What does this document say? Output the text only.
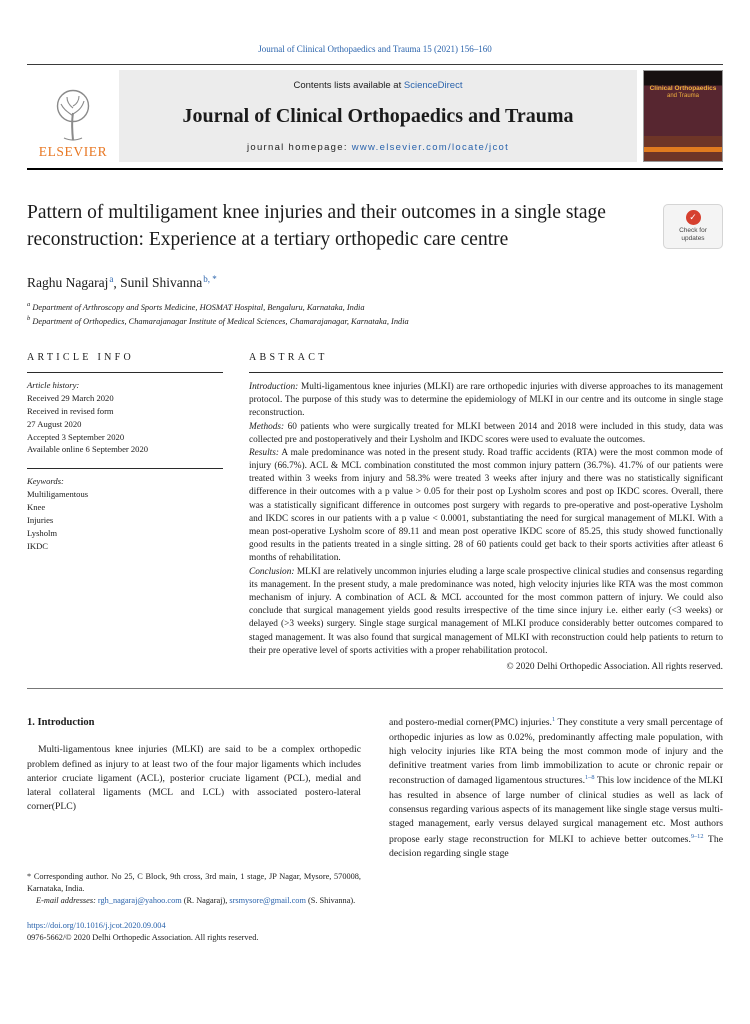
Journal of Clinical Orthopaedics and Trauma 15 (2021) 156–160
ELSEVIER
Contents lists available at ScienceDirect
Journal of Clinical Orthopaedics and Trauma
journal homepage: www.elsevier.com/locate/jcot
Clinical Orthopaedics
and Trauma
Pattern of multiligament knee injuries and their outcomes in a single stage reconstruction: Experience at a tertiary orthopedic care centre
✓
Check for updates
Raghu Nagaraj$^a$, Sunil Shivanna$^{b, *}$
$^a$ Department of Arthroscopy and Sports Medicine, HOSMAT Hospital, Bengaluru, Karnataka, India
$^b$ Department of Orthopedics, Chamarajanagar Institute of Medical Sciences, Chamarajanagar, Karnataka, India
ARTICLE INFO
Article history:
Received 29 March 2020
Received in revised form
27 August 2020
Accepted 3 September 2020
Available online 6 September 2020
Keywords:
Multiligamentous
Knee
Injuries
Lysholm
IKDC
ABSTRACT

Introduction: Multi-ligamentous knee injuries (MLKI) are rare orthopedic injuries with diverse approaches to its management protocol. The purpose of this study was to determine the epidemiology of MLKI in our centre and its outcome in single stage reconstruction.

Methods: 60 patients who were surgically treated for MLKI between 2014 and 2018 were included in this study, data was collected pre and postoperatively and their Lysholm and IKDC scores were used to evaluate the outcomes.

Results: A male predominance was noted in the present study. Road traffic accidents (RTA) were the most common mode of injury (66.7%). ACL & MCL combination constituted the most common injury pattern (36.7%). 41.7% of our patients were treated within 3 weeks from injury and 58.3% were treated 3 weeks after injury and there was no statistically significant difference in their outcomes with a p value > 0.05 for their post op Lysholm scores and post op IKDC scores. Overall, there was a statistically significant difference in outcomes post surgery with regards to pre-operative and post-operative Lysholm and IKDC scores in our patients with a p value < 0.0001, substantiating the need for surgical management of MLKI. With a mean post-operative Lysholm score of 89.11 and mean post operative IKDC score of 85.25, this study showed functionally good results in the patients treated in a single sitting. 28 of 60 patients could get back to their sports activities after atleast 6 months of rehabilitation.

Conclusion: MLKI are relatively uncommon injuries eluding a large scale prospective clinical studies and consensus regarding its management. In the present study, a male predominance was noted, high velocity injuries like RTA was the most common mechanism of injury. A combination of ACL & MCL accounted for the most common pattern of injury. We could also conclude that surgical management yields good results irrespective of the time since injury i.e. either early (<3 weeks) or delayed (>3 weeks) surgery. Single stage surgical management of MLKI produce considerably better outcomes compared to staged management. It was also found that surgical management of MLKI with reconstruction could help patients to return to their pre operative level of sports activities with a proper rehabilitation protocol.

© 2020 Delhi Orthopedic Association. All rights reserved.
1. Introduction

Multi-ligamentous knee injuries (MLKI) are said to be a complex orthopedic problem defined as injury to at least two of the four major ligaments which includes anterior cruciate ligament (ACL), posterior cruciate ligament (PCL), medial and lateral collateral ligaments (MCL and LCL) with associated postero-lateral corner(PLC)

* Corresponding author. No 25, C Block, 9th cross, 3rd main, 1 stage, JP Nagar, Mysore, 570008, Karnataka, India.
E-mail addresses: rgh_nagaraj@yahoo.com (R. Nagaraj), srsmysore@gmail.com (S. Shivanna).

and postero-medial corner(PMC) injuries.$^1$ They constitute a very small percentage of orthopedic injuries as low as 0.02%, predominantly affecting male population, with high velocity injuries like RTA being the most common mode of injury and the definitive treatment varies from limb immobilization to acute or chronic repair or reconstruction of damaged ligamentous structures.$^{1-8}$ This low incidence of the MLKI has resulted in absence of large number of clinical studies as well as lack of consensus regarding various aspects of its management like single stage versus multi-staged management, early versus delayed surgical management etc. Most authors propose early stage reconstruction for MLKI to achieve better outcomes.$^{9-12}$ The decision regarding single stage

https://doi.org/10.1016/j.jcot.2020.09.004
0976-5662/© 2020 Delhi Orthopedic Association. All rights reserved.
